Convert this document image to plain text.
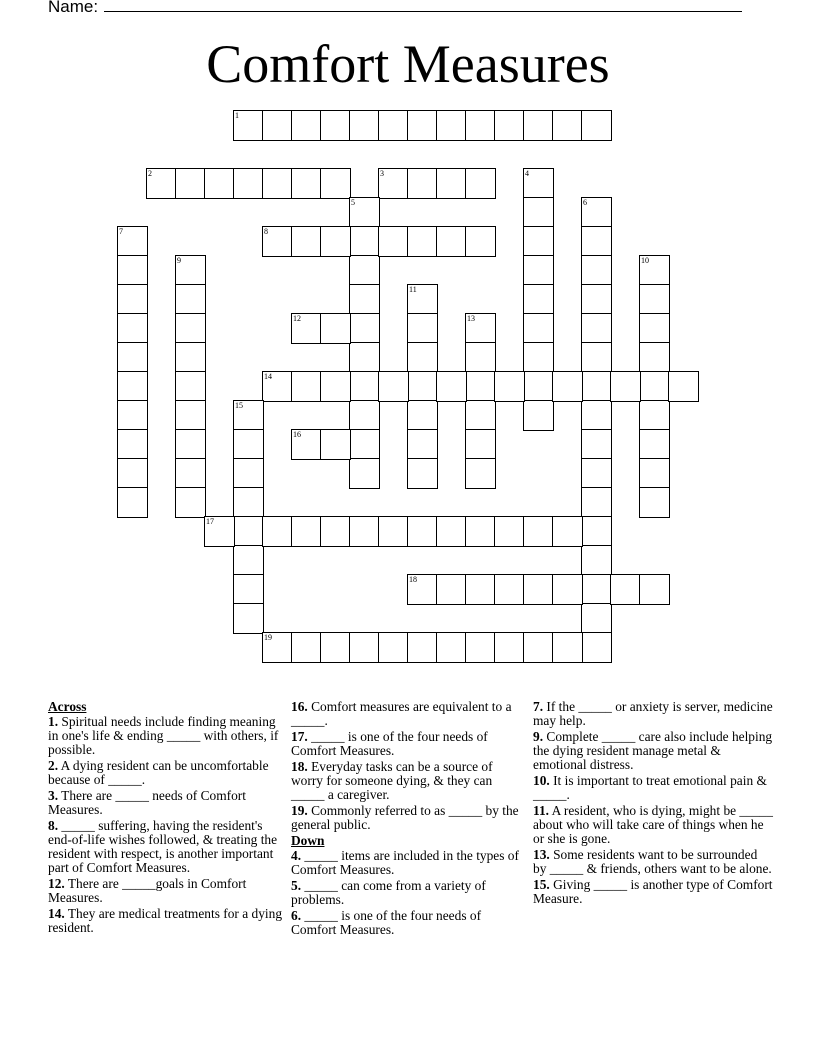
Name:
Comfort Measures
1
2	3	4
5	6
7	8
9	10
11
12	13
14
15
16
17
18
19
Across
1. Spiritual needs include finding meaning in one's life & ending _____ with others, if possible.
2. A dying resident can be uncomfortable because of _____.
3. There are _____ needs of Comfort Measures.
8. _____ suffering, having the resident's end-of-life wishes followed, & treating the resident with respect, is another important part of Comfort Measures.
12. There are _____goals in Comfort Measures.
14. They are medical treatments for a dying resident.
16. Comfort measures are equivalent to a _____.
17. _____ is one of the four needs of Comfort Measures.
18. Everyday tasks can be a source of worry for someone dying, & they can _____ a caregiver.
19. Commonly referred to as _____ by the general public.
Down
4. _____ items are included in the types of Comfort Measures.
5. _____ can come from a variety of problems.
6. _____ is one of the four needs of Comfort Measures.
7. If the _____ or anxiety is server, medicine may help.
9. Complete _____ care also include helping the dying resident manage metal & emotional distress.
10. It is important to treat emotional pain & _____.
11. A resident, who is dying, might be _____ about who will take care of things when he or she is gone.
13. Some residents want to be surrounded by _____ & friends, others want to be alone.
15. Giving _____ is another type of Comfort Measure.
